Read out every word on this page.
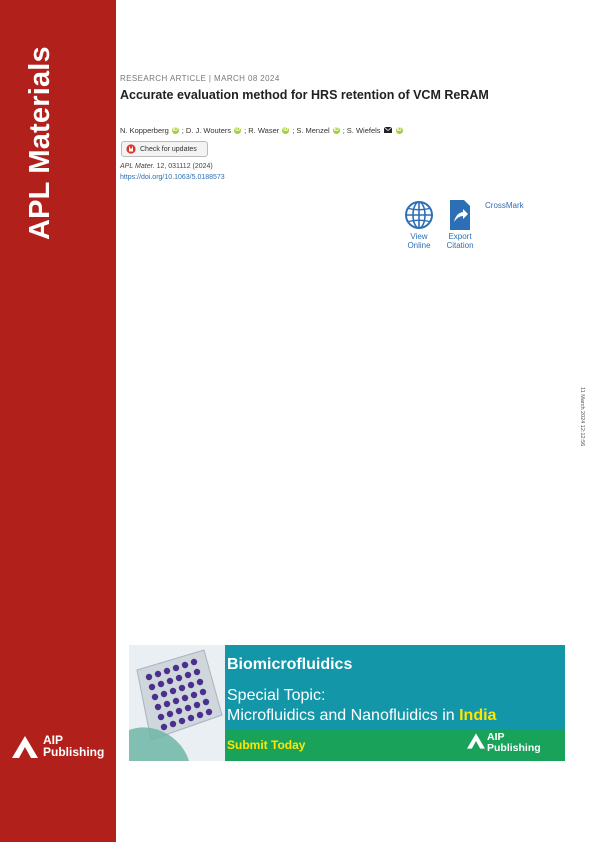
APL Materials
AIP
Publishing
RESEARCH ARTICLE | MARCH 08 2024
Accurate evaluation method for HRS retention of VCM ReRAM
N. Kopperberg iD ; D. J. Wouters iD ; R. Waser iD ; S. Menzel iD ; S. Wiefels	iD
Check for updates
APL Mater. 12, 031112 (2024)
https://doi.org/10.1063/5.0188573
View
Online
Export
Citation
CrossMark
11 March 2024 12:12:56
Biomicrofluidics
Special Topic:
Microfluidics and Nanofluidics in India
Submit Today
AIP
Publishing
